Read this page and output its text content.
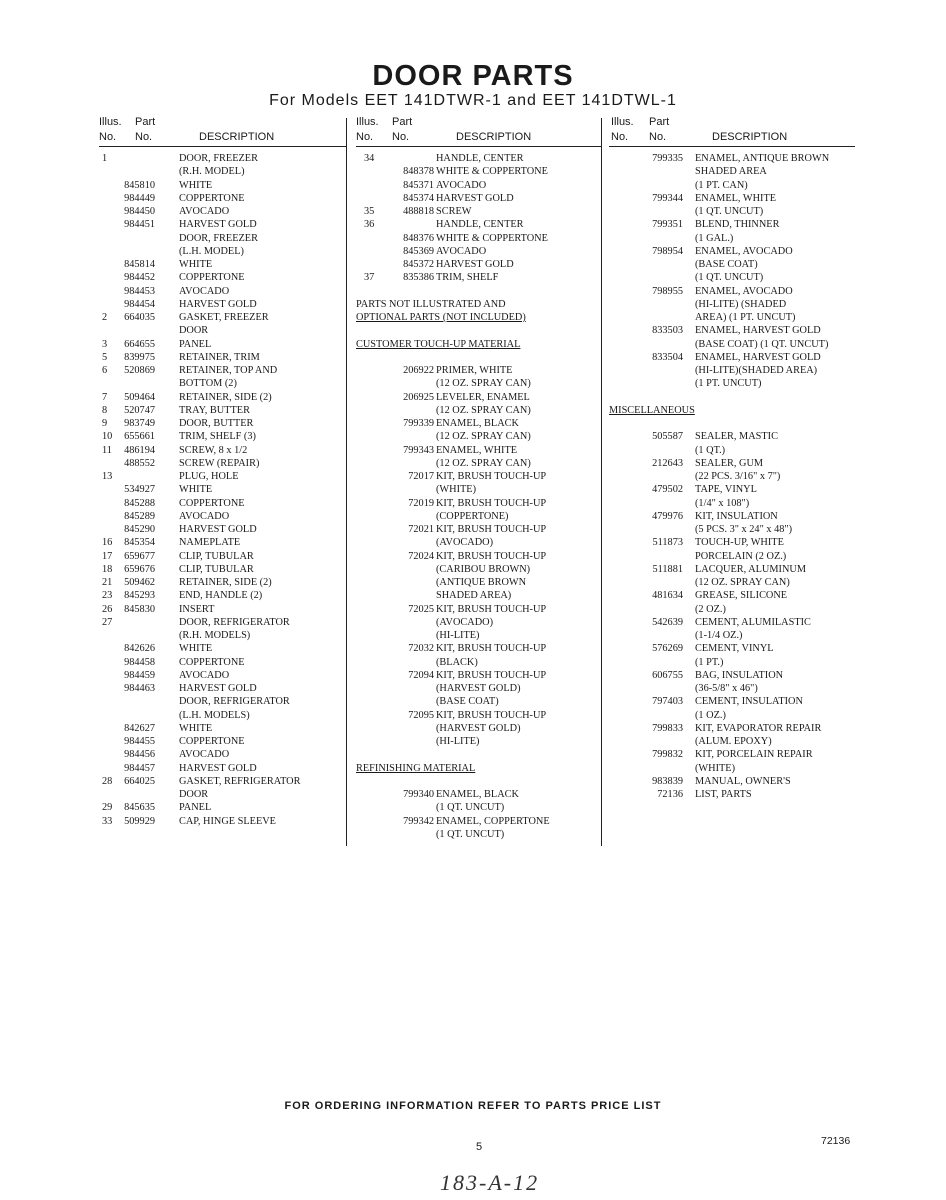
DOOR PARTS
For Models EET 141DTWR-1 and EET 141DTWL-1
Illus.
No.
Part
No.	DESCRIPTION
1	DOOR, FREEZER
(R.H. MODEL)
845810 WHITE
984449 COPPERTONE
984450 AVOCADO
984451 HARVEST GOLD
DOOR, FREEZER
(L.H. MODEL)
845814 WHITE
984452 COPPERTONE
984453 AVOCADO
984454 HARVEST GOLD
2	664035 GASKET, FREEZER
DOOR
3	664655 PANEL
5	839975 RETAINER, TRIM
6	520869 RETAINER, TOP AND
BOTTOM (2)
7	509464 RETAINER, SIDE (2)
8	520747 TRAY, BUTTER
9	983749 DOOR, BUTTER
10	655661 TRIM, SHELF (3)
11	486194 SCREW, 8 x 1/2
488552 SCREW (REPAIR)
13	PLUG, HOLE
534927 WHITE
845288 COPPERTONE
845289 AVOCADO
845290 HARVEST GOLD
16	845354 NAMEPLATE
17	659677 CLIP, TUBULAR
18	659676 CLIP, TUBULAR
21	509462 RETAINER, SIDE (2)
23	845293 END, HANDLE (2)
26	845830 INSERT
27	DOOR, REFRIGERATOR
(R.H. MODELS)
842626 WHITE
984458 COPPERTONE
984459 AVOCADO
984463 HARVEST GOLD
DOOR, REFRIGERATOR
(L.H. MODELS)
842627 WHITE
984455 COPPERTONE
984456 AVOCADO
984457 HARVEST GOLD
28	664025 GASKET, REFRIGERATOR
DOOR
29	845635 PANEL
33	509929 CAP, HINGE SLEEVE
Illus.
No.
Part
No.	DESCRIPTION
34	HANDLE, CENTER
848378 WHITE & COPPERTONE
845371 AVOCADO
845374 HARVEST GOLD
35	488818 SCREW
36	HANDLE, CENTER
848376 WHITE & COPPERTONE
845369 AVOCADO
845372 HARVEST GOLD
37	835386 TRIM, SHELF
PARTS NOT ILLUSTRATED AND
OPTIONAL PARTS (NOT INCLUDED)
CUSTOMER TOUCH-UP MATERIAL
206922 PRIMER, WHITE
(12 OZ. SPRAY CAN)
206925 LEVELER, ENAMEL
(12 OZ. SPRAY CAN)
799339 ENAMEL, BLACK
(12 OZ. SPRAY CAN)
799343 ENAMEL, WHITE
(12 OZ. SPRAY CAN)
72017 KIT, BRUSH TOUCH-UP
(WHITE)
72019 KIT, BRUSH TOUCH-UP
(COPPERTONE)
72021 KIT, BRUSH TOUCH-UP
(AVOCADO)
72024 KIT, BRUSH TOUCH-UP
(CARIBOU BROWN)
(ANTIQUE BROWN
SHADED AREA)
72025 KIT, BRUSH TOUCH-UP
(AVOCADO)
(HI-LITE)
72032 KIT, BRUSH TOUCH-UP
(BLACK)
72094 KIT, BRUSH TOUCH-UP
(HARVEST GOLD)
(BASE COAT)
72095 KIT, BRUSH TOUCH-UP
(HARVEST GOLD)
(HI-LITE)
REFINISHING MATERIAL
799340 ENAMEL, BLACK
(1 QT. UNCUT)
799342 ENAMEL, COPPERTONE
(1 QT. UNCUT)
Illus.
No.
Part
No.	DESCRIPTION
799335 ENAMEL, ANTIQUE BROWN
SHADED AREA
(1 PT. CAN)
799344 ENAMEL, WHITE
(1 QT. UNCUT)
799351 BLEND, THINNER
(1 GAL.)
798954 ENAMEL, AVOCADO
(BASE COAT)
(1 QT. UNCUT)
798955 ENAMEL, AVOCADO
(HI-LITE) (SHADED
AREA) (1 PT. UNCUT)
833503 ENAMEL, HARVEST GOLD
(BASE COAT) (1 QT. UNCUT)
833504 ENAMEL, HARVEST GOLD
(HI-LITE)(SHADED AREA)
(1 PT. UNCUT)
MISCELLANEOUS
505587 SEALER, MASTIC
(1 QT.)
212643 SEALER, GUM
(22 PCS. 3/16" x 7")
479502 TAPE, VINYL
(1/4" x 108")
479976 KIT, INSULATION
(5 PCS. 3" x 24" x 48")
511873 TOUCH-UP, WHITE
PORCELAIN (2 OZ.)
511881 LACQUER, ALUMINUM
(12 OZ. SPRAY CAN)
481634 GREASE, SILICONE
(2 OZ.)
542639 CEMENT, ALUMILASTIC
(1-1/4 OZ.)
576269 CEMENT, VINYL
(1 PT.)
606755 BAG, INSULATION
(36-5/8" x 46")
797403 CEMENT, INSULATION
(1 OZ.)
799833 KIT, EVAPORATOR REPAIR
(ALUM. EPOXY)
799832 KIT, PORCELAIN REPAIR
(WHITE)
983839 MANUAL, OWNER'S
72136 LIST, PARTS
FOR ORDERING INFORMATION REFER TO PARTS PRICE LIST
5	72136
183-A-12
